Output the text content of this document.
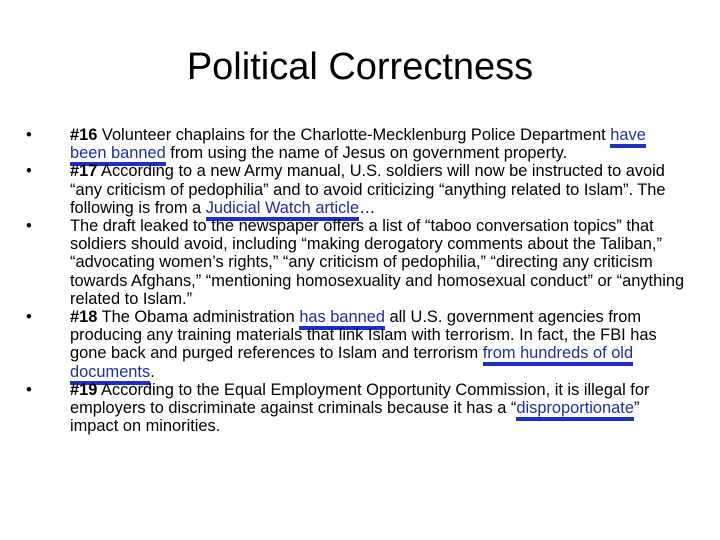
Political Correctness
•	#16 Volunteer chaplains for the Charlotte-Mecklenburg Police Department have been banned from using the name of Jesus on government property.
•	#17 According to a new Army manual, U.S. soldiers will now be instructed to avoid “any criticism of pedophilia” and to avoid criticizing “anything related to Islam”. The following is from a Judicial Watch article…
•	The draft leaked to the newspaper offers a list of “taboo conversation topics” that soldiers should avoid, including “making derogatory comments about the Taliban,” “advocating women’s rights,” “any criticism of pedophilia,” “directing any criticism towards Afghans,” “mentioning homosexuality and homosexual conduct” or “anything related to Islam.”
•	#18 The Obama administration has banned all U.S. government agencies from producing any training materials that link Islam with terrorism. In fact, the FBI has gone back and purged references to Islam and terrorism from hundreds of old documents.
•	#19 According to the Equal Employment Opportunity Commission, it is illegal for employers to discriminate against criminals because it has a “disproportionate” impact on minorities.
